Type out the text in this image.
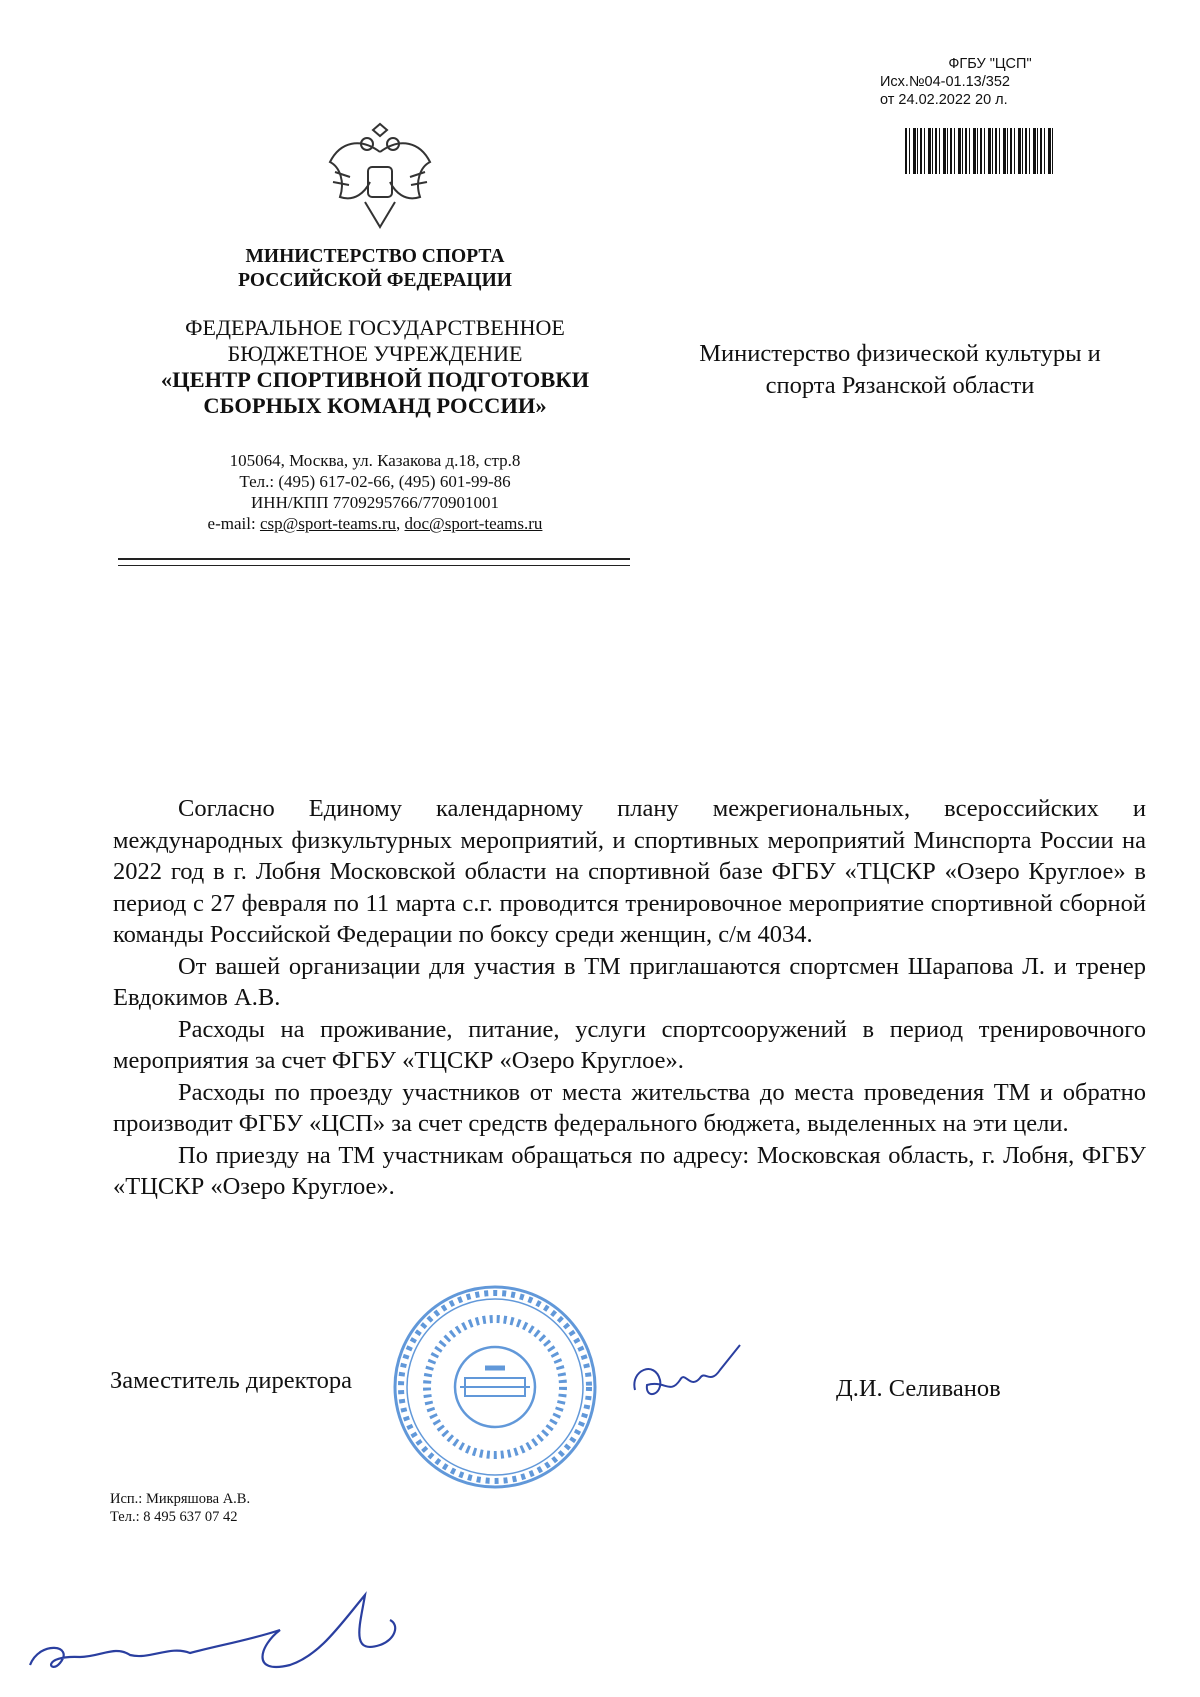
ФГБУ "ЦСП"
Исх.№04-01.13/352
от 24.02.2022 20 л.
МИНИСТЕРСТВО СПОРТА
РОССИЙСКОЙ ФЕДЕРАЦИИ
ФЕДЕРАЛЬНОЕ ГОСУДАРСТВЕННОЕ
БЮДЖЕТНОЕ УЧРЕЖДЕНИЕ
«ЦЕНТР СПОРТИВНОЙ ПОДГОТОВКИ
СБОРНЫХ КОМАНД РОССИИ»
105064, Москва, ул. Казакова д.18, стр.8
Тел.: (495) 617-02-66, (495) 601-99-86
ИНН/КПП 7709295766/770901001
e-mail: csp@sport-teams.ru, doc@sport-teams.ru
Министерство физической культуры и
спорта Рязанской области

Согласно Единому календарному плану межрегиональных, всероссийских и международных физкультурных мероприятий, и спортивных мероприятий Минспорта России на 2022 год в г. Лобня Московской области на спортивной базе ФГБУ «ТЦСКР «Озеро Круглое» в период с 27 февраля по 11 марта с.г. проводится тренировочное мероприятие спортивной сборной команды Российской Федерации по боксу среди женщин, с/м 4034.

От вашей организации для участия в ТМ приглашаются спортсмен Шарапова Л. и тренер Евдокимов А.В.

Расходы на проживание, питание, услуги спортсооружений в период тренировочного мероприятия за счет ФГБУ «ТЦСКР «Озеро Круглое».

Расходы по проезду участников от места жительства до места проведения ТМ и обратно производит ФГБУ «ЦСП» за счет средств федерального бюджета, выделенных на эти цели.

По приезду на ТМ участникам обращаться по адресу: Московская область, г. Лобня, ФГБУ «ТЦСКР «Озеро Круглое».

Заместитель директора	Д.И. Селиванов
Исп.: Микряшова А.В.
Тел.: 8 495 637 07 42
